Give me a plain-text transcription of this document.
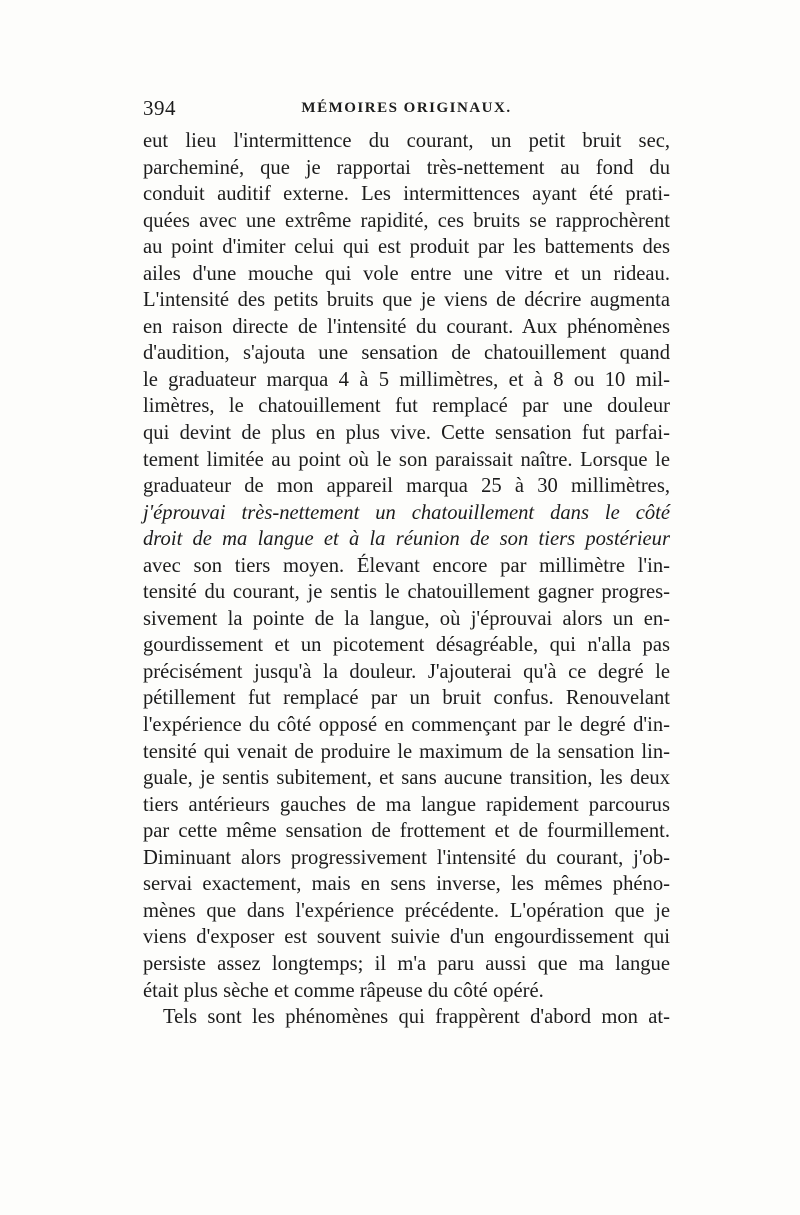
394	MÉMOIRES ORIGINAUX.
eut lieu l'intermittence du courant, un petit bruit sec,
parcheminé, que je rapportai très-nettement au fond du
conduit auditif externe. Les intermittences ayant été prati-
quées avec une extrême rapidité, ces bruits se rapprochèrent
au point d'imiter celui qui est produit par les battements des
ailes d'une mouche qui vole entre une vitre et un rideau.
L'intensité des petits bruits que je viens de décrire augmenta
en raison directe de l'intensité du courant. Aux phénomènes
d'audition, s'ajouta une sensation de chatouillement quand
le graduateur marqua 4 à 5 millimètres, et à 8 ou 10 mil-
limètres, le chatouillement fut remplacé par une douleur
qui devint de plus en plus vive. Cette sensation fut parfai-
tement limitée au point où le son paraissait naître. Lorsque le
graduateur de mon appareil marqua 25 à 30 millimètres,
j'éprouvai très-nettement un chatouillement dans le côté
droit de ma langue et à la réunion de son tiers postérieur
avec son tiers moyen. Élevant encore par millimètre l'in-
tensité du courant, je sentis le chatouillement gagner progres-
sivement la pointe de la langue, où j'éprouvai alors un en-
gourdissement et un picotement désagréable, qui n'alla pas
précisément jusqu'à la douleur. J'ajouterai qu'à ce degré le
pétillement fut remplacé par un bruit confus. Renouvelant
l'expérience du côté opposé en commençant par le degré d'in-
tensité qui venait de produire le maximum de la sensation lin-
guale, je sentis subitement, et sans aucune transition, les deux
tiers antérieurs gauches de ma langue rapidement parcourus
par cette même sensation de frottement et de fourmillement.
Diminuant alors progressivement l'intensité du courant, j'ob-
servai exactement, mais en sens inverse, les mêmes phéno-
mènes que dans l'expérience précédente. L'opération que je
viens d'exposer est souvent suivie d'un engourdissement qui
persiste assez longtemps; il m'a paru aussi que ma langue
était plus sèche et comme râpeuse du côté opéré.
Tels sont les phénomènes qui frappèrent d'abord mon at-
